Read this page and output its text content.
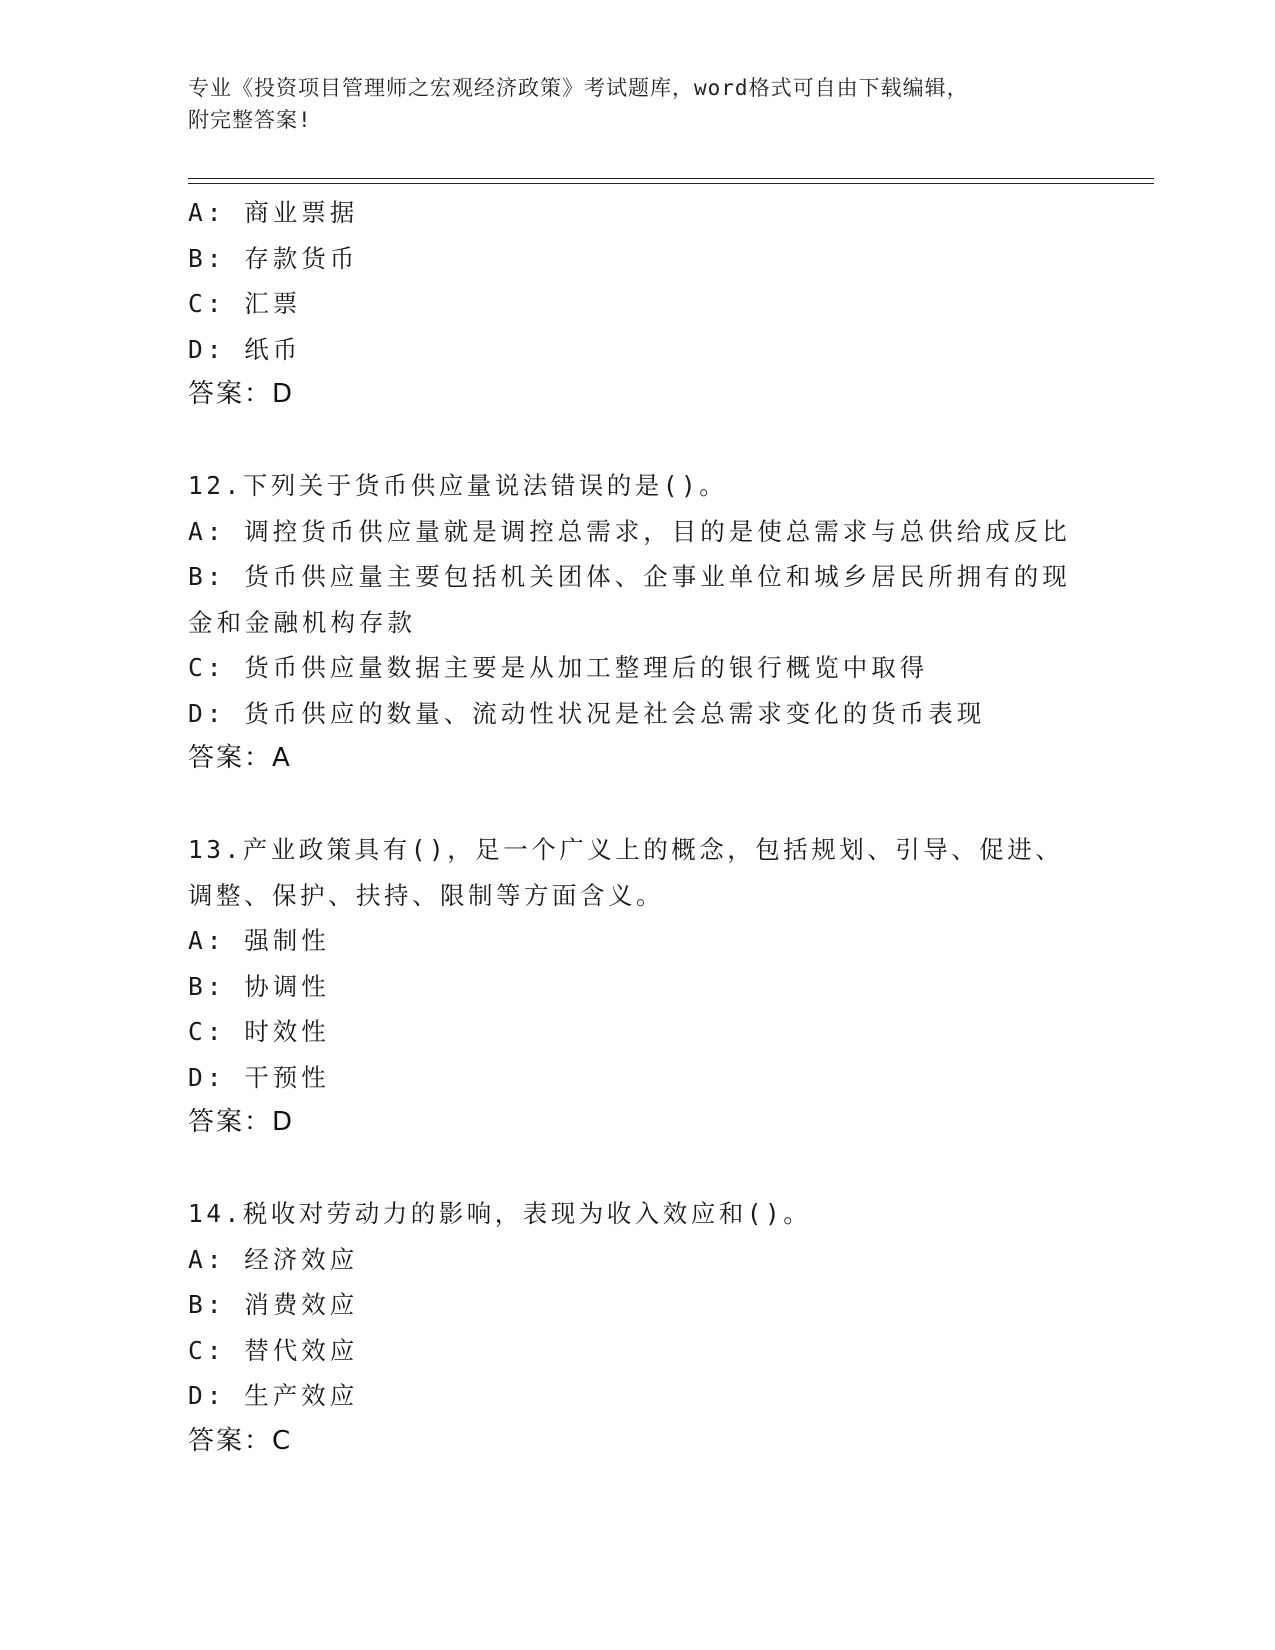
专业《投资项目管理师之宏观经济政策》考试题库，word格式可自由下载编辑，
附完整答案!
A: 商业票据
B: 存款货币
C: 汇票
D: 纸币
答案：D
12.下列关于货币供应量说法错误的是()。
A: 调控货币供应量就是调控总需求，目的是使总需求与总供给成反比
B: 货币供应量主要包括机关团体、企事业单位和城乡居民所拥有的现
金和金融机构存款
C: 货币供应量数据主要是从加工整理后的银行概览中取得
D: 货币供应的数量、流动性状况是社会总需求变化的货币表现
答案：A
13.产业政策具有()，足一个广义上的概念，包括规划、引导、促进、
调整、保护、扶持、限制等方面含义。
A: 强制性
B: 协调性
C: 时效性
D: 干预性
答案：D
14.税收对劳动力的影响，表现为收入效应和()。
A: 经济效应
B: 消费效应
C: 替代效应
D: 生产效应
答案：C
